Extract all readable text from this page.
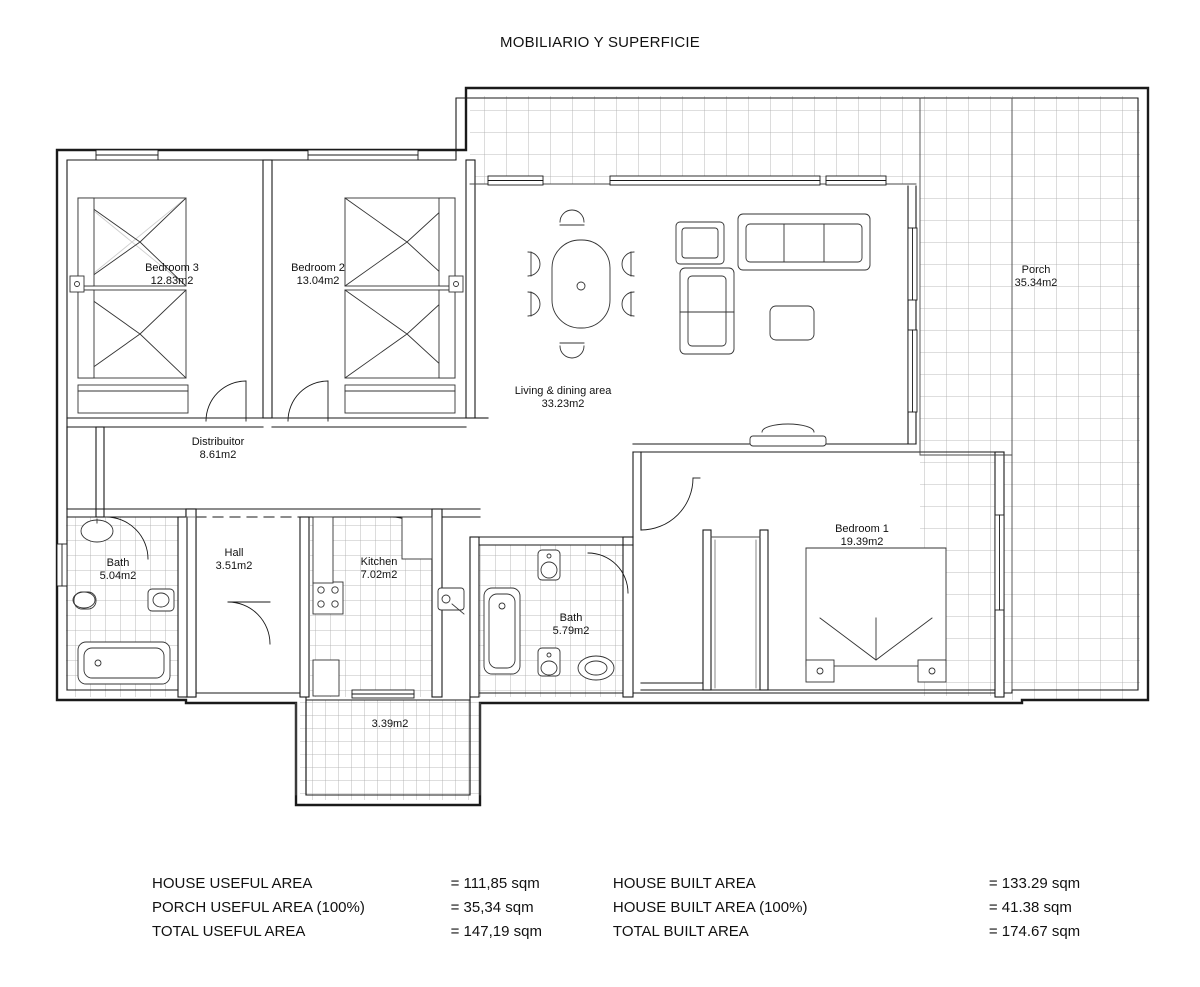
MOBILIARIO Y SUPERFICIE
Bedroom 3
12.83m2
Bedroom 2
13.04m2
Porch
35.34m2
Living & dining area
33.23m2
Distribuitor
8.61m2
Bedroom 1
19.39m2
Bath
5.04m2
Hall
3.51m2	Kitchen
7.02m2
Bath
5.79m2
3.39m2
HOUSE USEFUL AREA	= 111,85 sqm	HOUSE BUILT AREA	= 133.29 sqm
PORCH USEFUL AREA (100%)	= 35,34 sqm	HOUSE BUILT AREA (100%)	= 41.38 sqm
TOTAL USEFUL AREA	= 147,19 sqm	TOTAL BUILT AREA	= 174.67 sqm
